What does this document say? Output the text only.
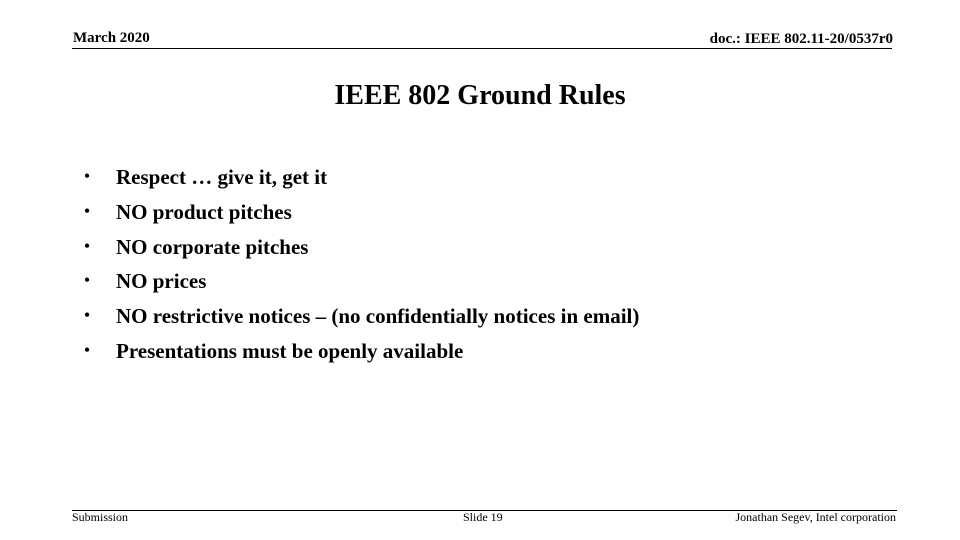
March 2020	doc.: IEEE 802.11-20/0537r0
IEEE 802 Ground Rules
• Respect … give it, get it
• NO product pitches
• NO corporate pitches
• NO prices
• NO restrictive notices – (no confidentially notices in email)
• Presentations must be openly available
Submission	Slide 19	Jonathan Segev, Intel corporation
